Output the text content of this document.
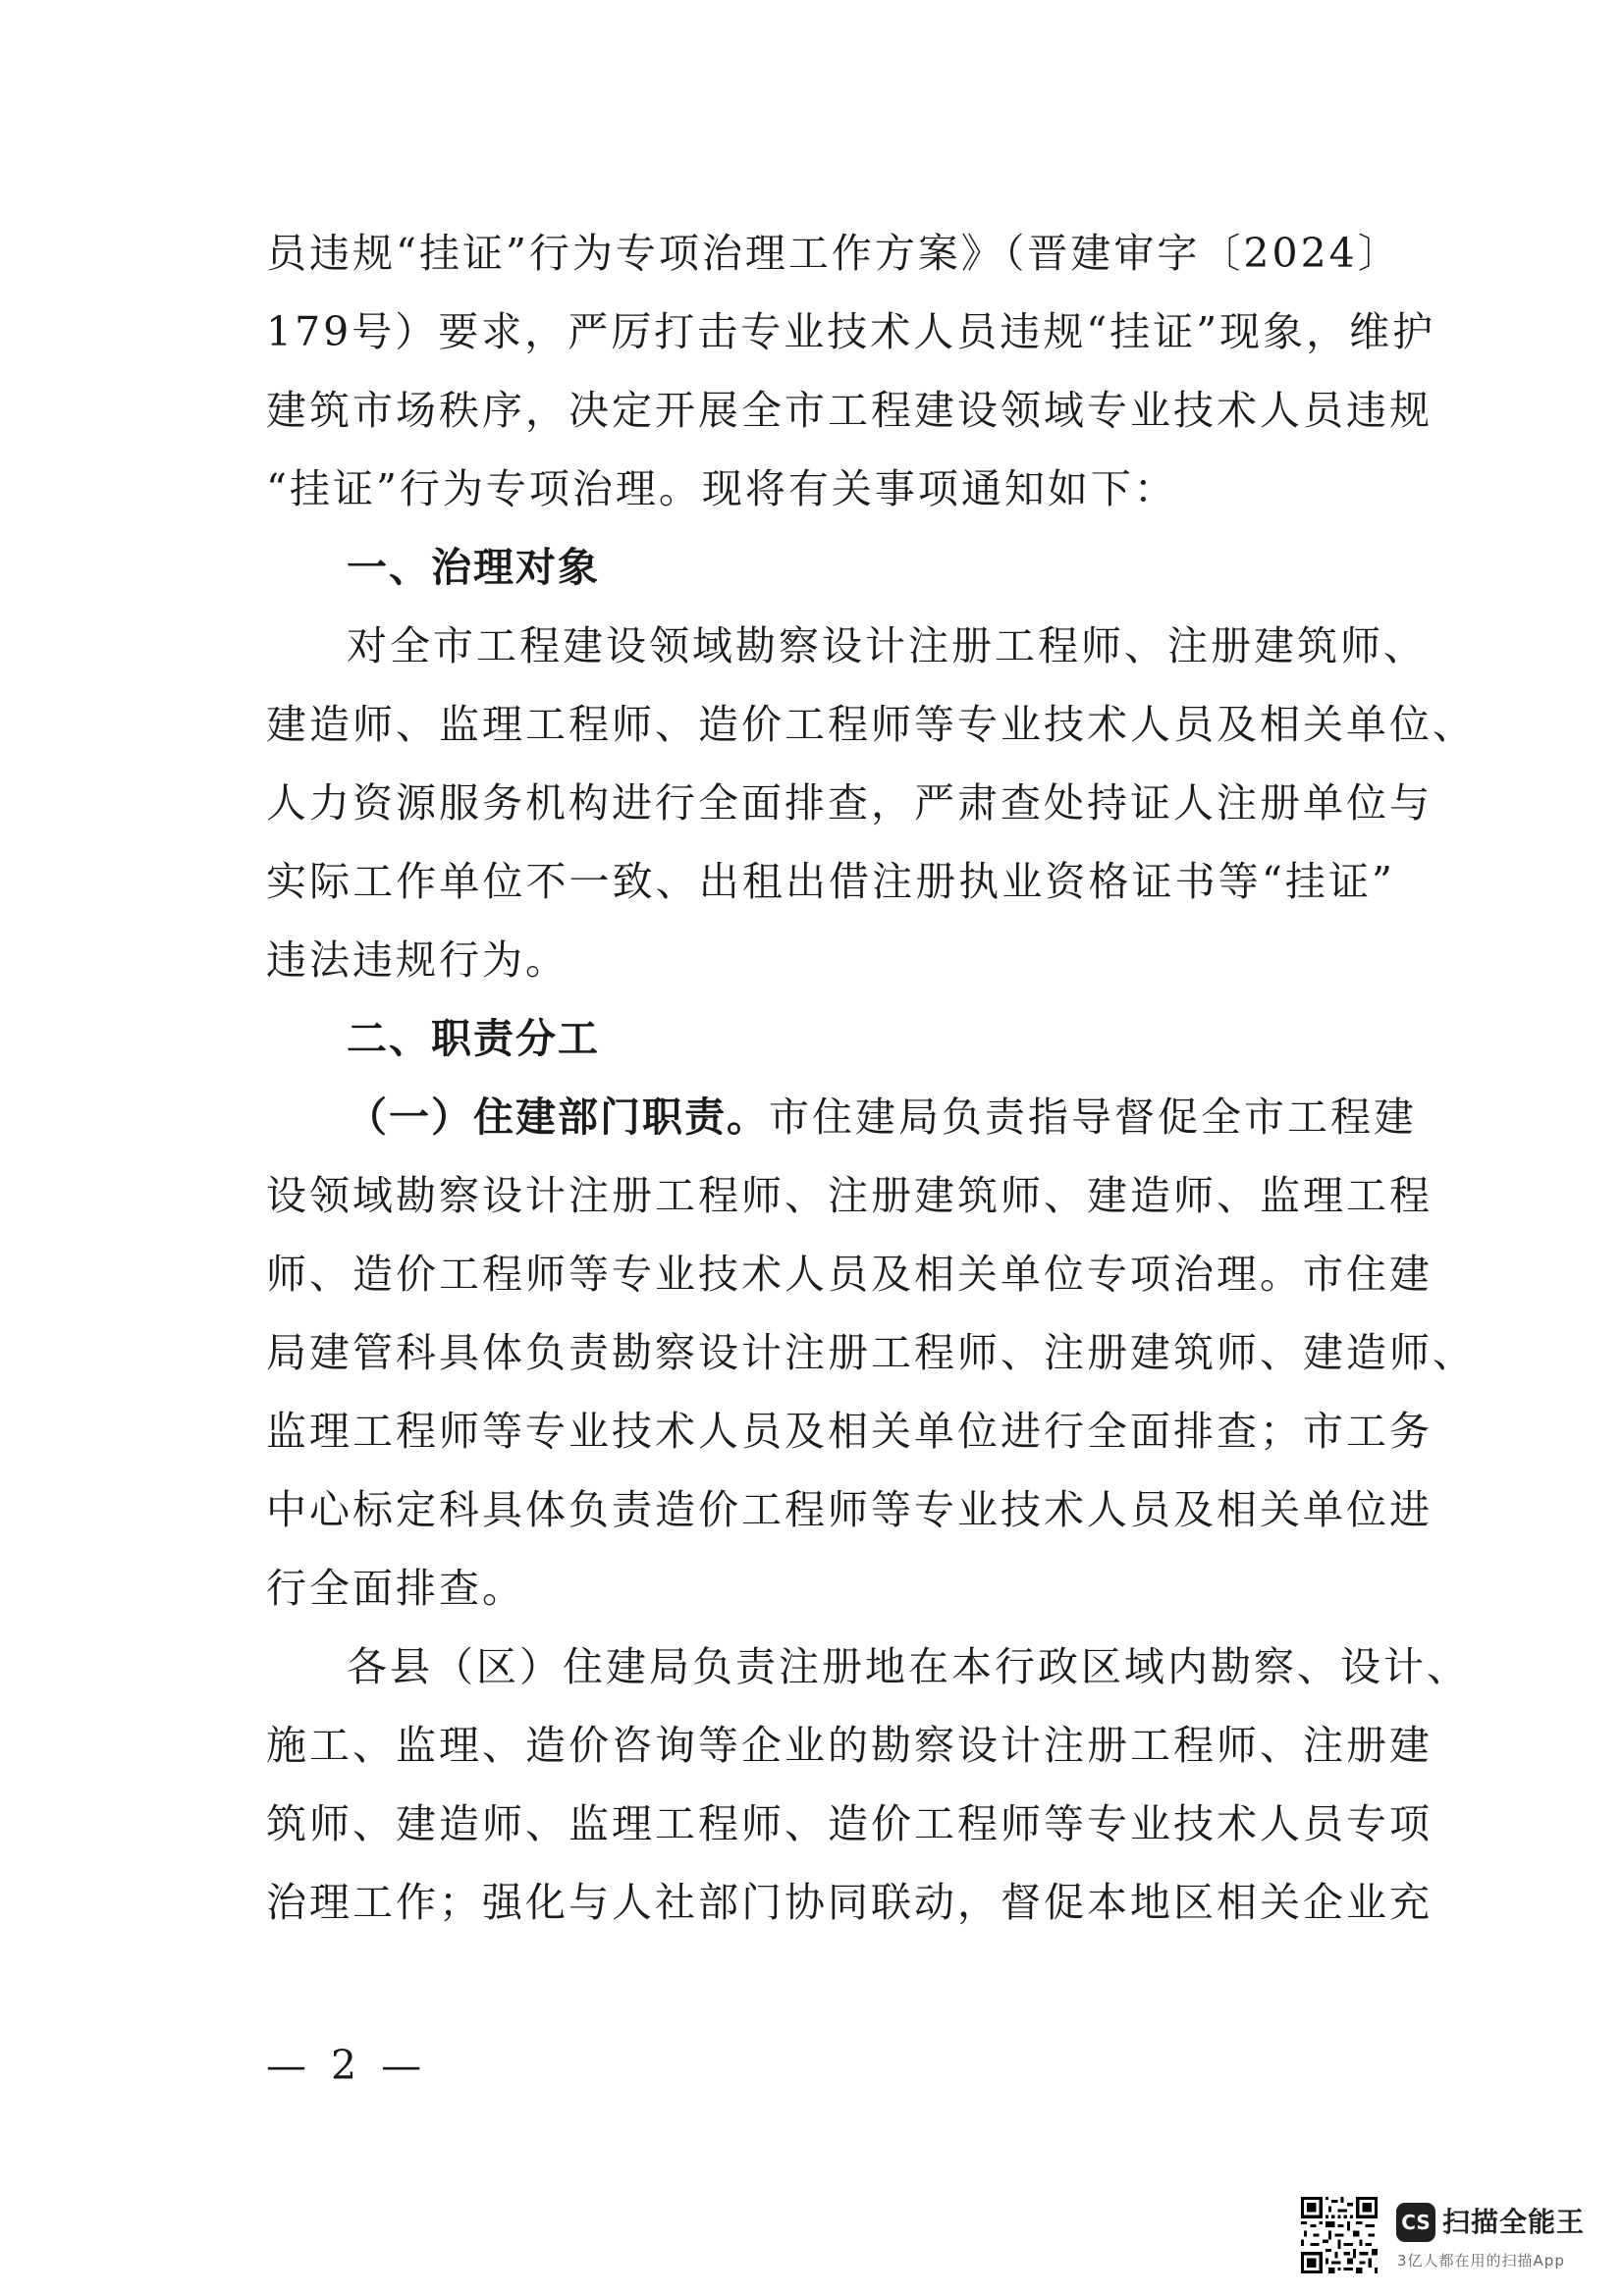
员违规“挂证”行为专项治理工作方案》（晋建审字〔2024〕
179号）要求，严厉打击专业技术人员违规“挂证”现象，维护
建筑市场秩序，决定开展全市工程建设领域专业技术人员违规
“挂证”行为专项治理。现将有关事项通知如下：
一、治理对象
对全市工程建设领域勘察设计注册工程师、注册建筑师、
建造师、监理工程师、造价工程师等专业技术人员及相关单位、
人力资源服务机构进行全面排查，严肃查处持证人注册单位与
实际工作单位不一致、出租出借注册执业资格证书等“挂证”
违法违规行为。
二、职责分工
（一）住建部门职责。市住建局负责指导督促全市工程建
设领域勘察设计注册工程师、注册建筑师、建造师、监理工程
师、造价工程师等专业技术人员及相关单位专项治理。市住建
局建管科具体负责勘察设计注册工程师、注册建筑师、建造师、
监理工程师等专业技术人员及相关单位进行全面排查；市工务
中心标定科具体负责造价工程师等专业技术人员及相关单位进
行全面排查。
各县（区）住建局负责注册地在本行政区域内勘察、设计、
施工、监理、造价咨询等企业的勘察设计注册工程师、注册建
筑师、建造师、监理工程师、造价工程师等专业技术人员专项
治理工作；强化与人社部门协同联动，督促本地区相关企业充
— 2 —
CS 扫描全能王
3亿人都在用的扫描App
